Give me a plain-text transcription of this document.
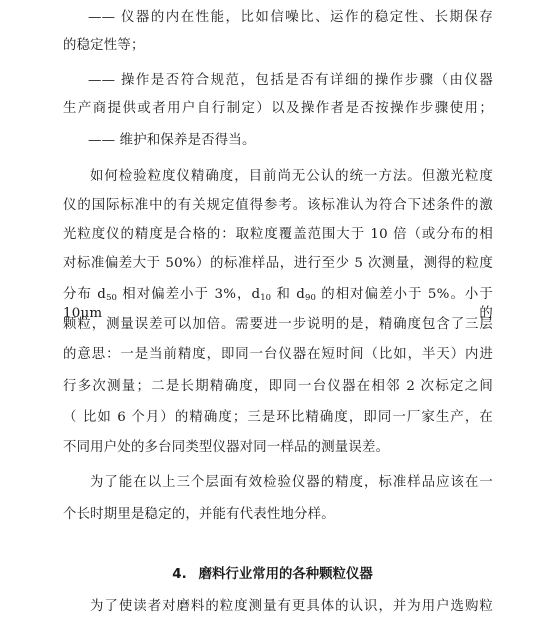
—— 仪器的内在性能，比如信噪比、运作的稳定性、长期保存
的稳定性等；
—— 操作是否符合规范，包括是否有详细的操作步骤（由仪器
生产商提供或者用户自行制定）以及操作者是否按操作步骤使用；
—— 维护和保养是否得当。
如何检验粒度仪精确度，目前尚无公认的统一方法。但激光粒度
仪的国际标准中的有关规定值得参考。该标准认为符合下述条件的激
光粒度仪的精度是合格的：取粒度覆盖范围大于 10 倍（或分布的相
对标准偏差大于 50%）的标准样品，进行至少 5 次测量，测得的粒度
分布 $d_{50}$ 相对偏差小于 3%，$d_{10}$ 和 $d_{90}$ 的相对偏差小于 5%。小于 10μm 的
颗粒，测量误差可以加倍。需要进一步说明的是，精确度包含了三层
的意思：一是当前精度，即同一台仪器在短时间（比如，半天）内进
行多次测量；二是长期精确度，即同一台仪器在相邻 2 次标定之间
（ 比如 6 个月）的精确度；三是环比精确度，即同一厂家生产，在
不同用户处的多台同类型仪器对同一样品的测量误差。
为了能在以上三个层面有效检验仪器的精度，标准样品应该在一
个长时期里是稳定的，并能有代表性地分样。
4. 磨料行业常用的各种颗粒仪器
为了使读者对磨料的粒度测量有更具体的认识，并为用户选购粒
